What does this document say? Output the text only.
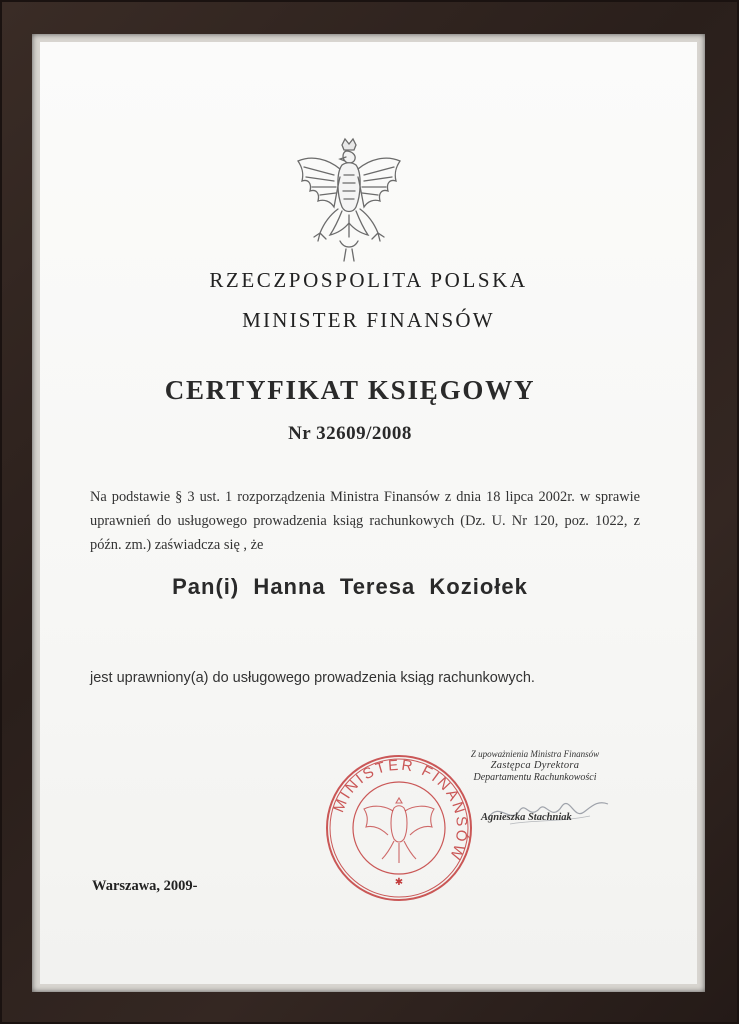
RZECZPOSPOLITA POLSKA
MINISTER FINANSÓW
CERTYFIKAT KSIĘGOWY
Nr 32609/2008
Na podstawie § 3 ust. 1 rozporządzenia Ministra Finansów z dnia 18 lipca 2002r. w sprawie uprawnień do usługowego prowadzenia ksiąg rachunkowych (Dz. U. Nr 120, poz. 1022, z późn. zm.) zaświadcza się , że
Pan(i)  Hanna  Teresa  Koziołek
jest uprawniony(a) do usługowego prowadzenia ksiąg rachunkowych.
Warszawa, 2009-
MINISTER FINANSÓW
✱
Z upoważnienia Ministra Finansów
Zastępca Dyrektora
Departamentu Rachunkowości
Agnieszka Stachniak
